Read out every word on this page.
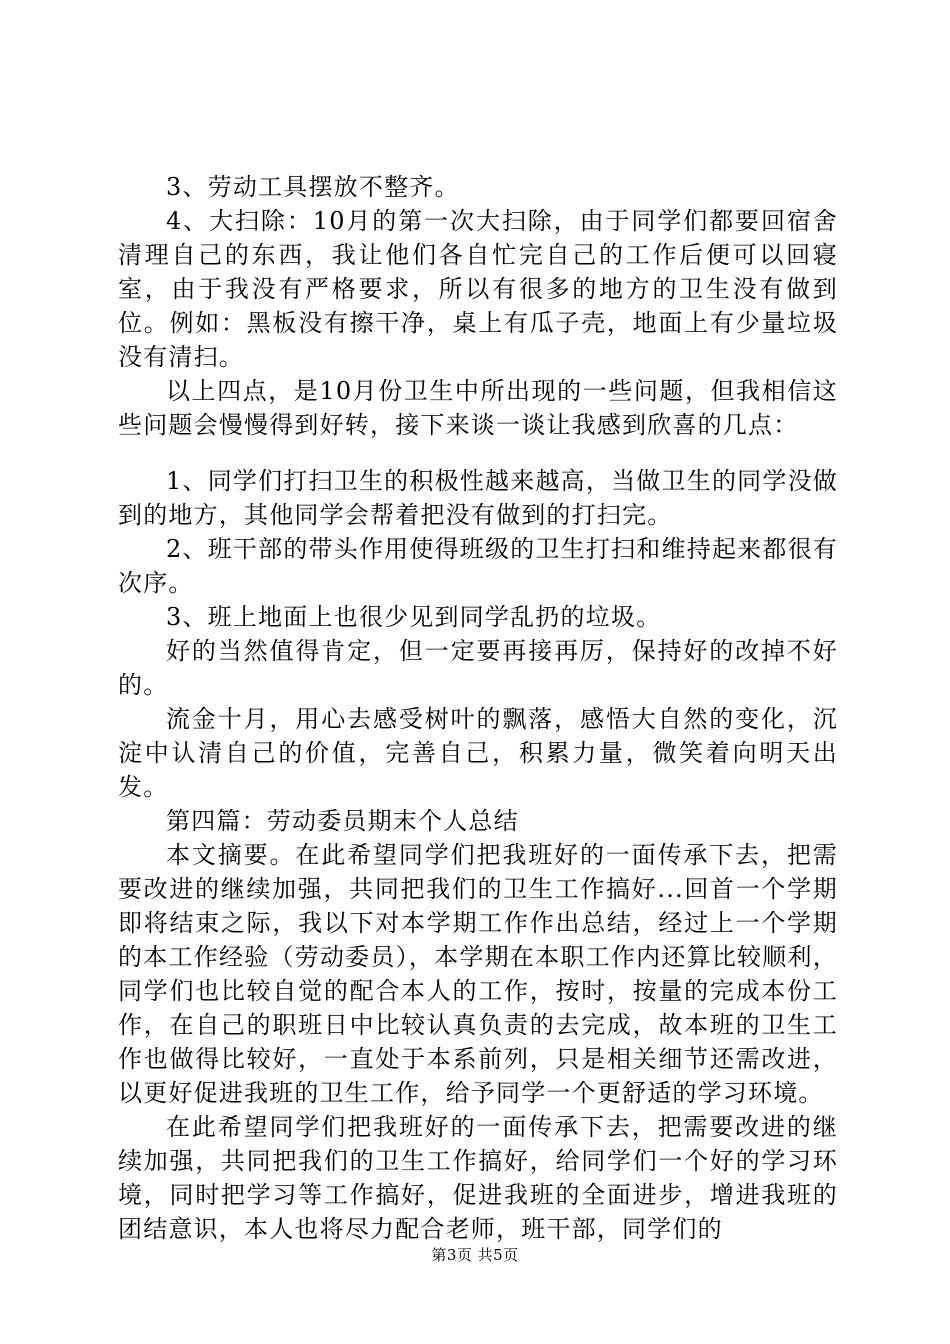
3、劳动工具摆放不整齐。

4、大扫除：10月的第一次大扫除，由于同学们都要回宿舍清理自己的东西，我让他们各自忙完自己的工作后便可以回寝室，由于我没有严格要求，所以有很多的地方的卫生没有做到位。例如：黑板没有擦干净，桌上有瓜子壳，地面上有少量垃圾没有清扫。

以上四点，是10月份卫生中所出现的一些问题，但我相信这些问题会慢慢得到好转，接下来谈一谈让我感到欣喜的几点：

1、同学们打扫卫生的积极性越来越高，当做卫生的同学没做到的地方，其他同学会帮着把没有做到的打扫完。

2、班干部的带头作用使得班级的卫生打扫和维持起来都很有次序。

3、班上地面上也很少见到同学乱扔的垃圾。

好的当然值得肯定，但一定要再接再厉，保持好的改掉不好的。

流金十月，用心去感受树叶的飘落，感悟大自然的变化，沉淀中认清自己的价值，完善自己，积累力量，微笑着向明天出发。

第四篇：劳动委员期末个人总结

本文摘要。在此希望同学们把我班好的一面传承下去，把需要改进的继续加强，共同把我们的卫生工作搞好...回首一个学期即将结束之际，我以下对本学期工作作出总结，经过上一个学期的本工作经验（劳动委员），本学期在本职工作内还算比较顺利，同学们也比较自觉的配合本人的工作，按时，按量的完成本份工作，在自己的职班日中比较认真负责的去完成，故本班的卫生工作也做得比较好，一直处于本系前列，只是相关细节还需改进，以更好促进我班的卫生工作，给予同学一个更舒适的学习环境。

在此希望同学们把我班好的一面传承下去，把需要改进的继续加强，共同把我们的卫生工作搞好，给同学们一个好的学习环境，同时把学习等工作搞好，促进我班的全面进步，增进我班的团结意识，本人也将尽力配合老师，班干部，同学们的

第3页 共5页
